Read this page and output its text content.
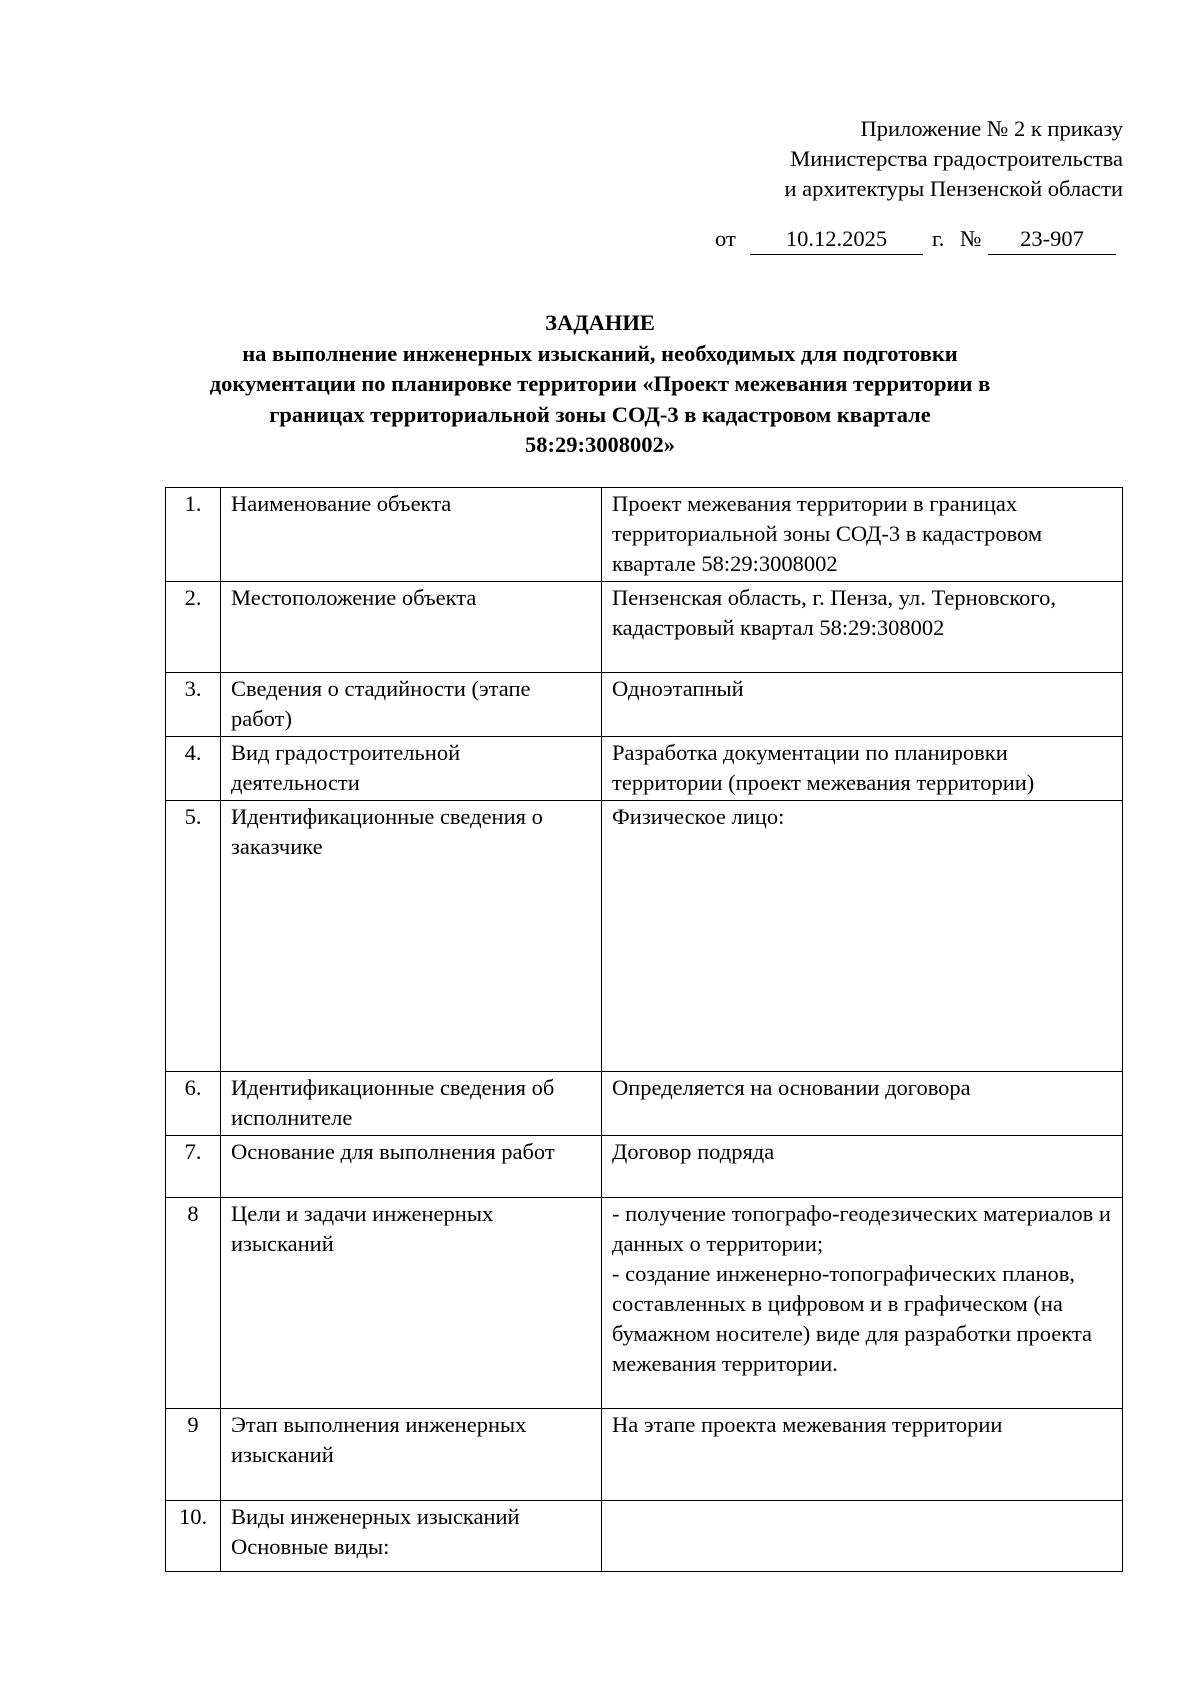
Приложение № 2 к приказу
Министерства градостроительства
и архитектуры Пензенской области
от	10.12.2025	г. №	23-907
ЗАДАНИЕ
на выполнение инженерных изысканий, необходимых для подготовки
документации по планировке территории «Проект межевания территории в
границах территориальной зоны СОД-3 в кадастровом квартале
58:29:3008002»
1.	Наименование объекта	Проект межевания территории в границах территориальной зоны СОД-3 в кадастровом квартале 58:29:3008002
2.	Местоположение объекта	Пензенская область, г. Пенза, ул. Терновского, кадастровый квартал 58:29:308002
3.	Сведения о стадийности (этапе работ)	Одноэтапный
4.	Вид градостроительной деятельности	Разработка документации по планировки территории (проект межевания территории)
5.	Идентификационные сведения о заказчике	Физическое лицо:
6.	Идентификационные сведения об исполнителе	Определяется на основании договора
7.	Основание для выполнения работ	Договор подряда
8	Цели и задачи инженерных изысканий	- получение топографо-геодезических материалов и данных о территории;
- создание инженерно-топографических планов, составленных в цифровом и в графическом (на бумажном носителе) виде для разработки проекта межевания территории.

9	Этап выполнения инженерных изысканий	На этапе проекта межевания территории
10.	Виды инженерных изысканий
Основные виды:	
